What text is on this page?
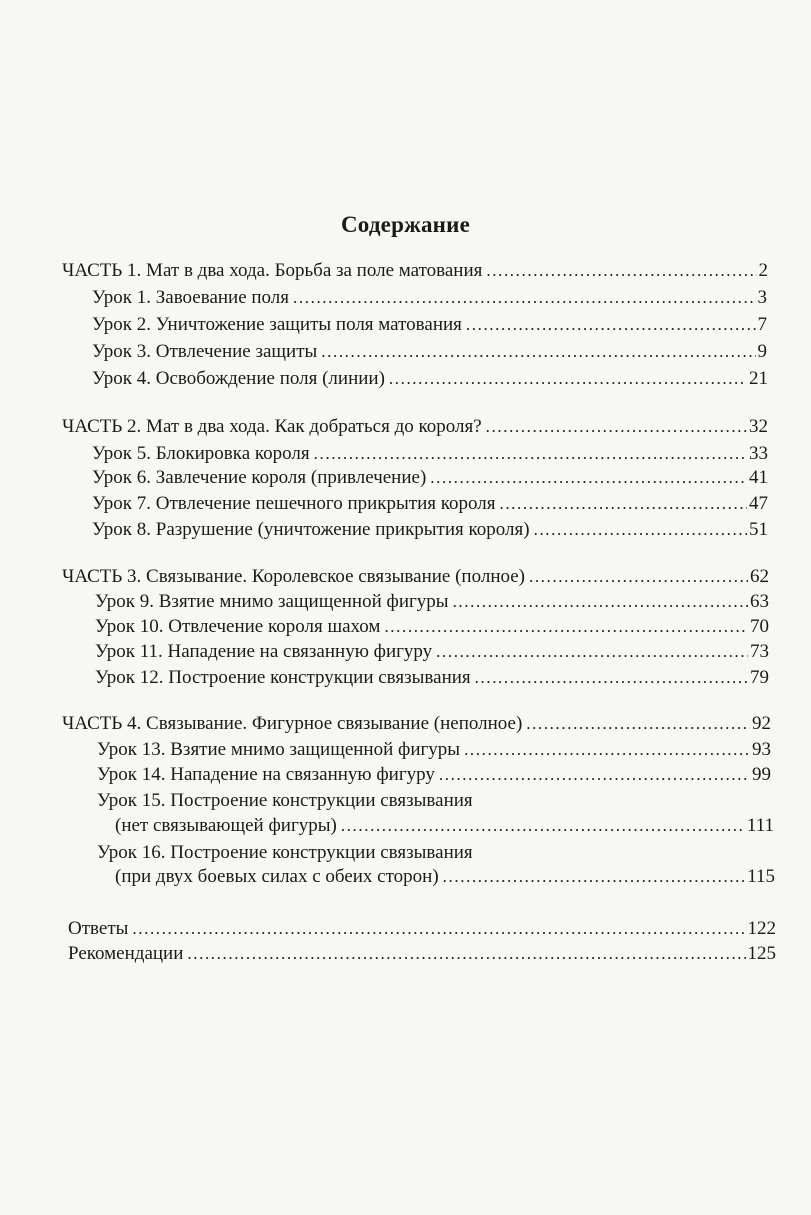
Содержание
ЧАСТЬ 1. Мат в два хода. Борьба за поле матования .....	2
Урок 1. Завоевание поля .....	3
Урок 2. Уничтожение защиты поля матования .....	7
Урок 3. Отвлечение защиты .....	9
Урок 4. Освобождение поля (линии) .....	21
ЧАСТЬ 2. Мат в два хода. Как добраться до короля? .....	32
Урок 5. Блокировка короля .....	33
Урок 6. Завлечение короля (привлечение) .....	41
Урок 7. Отвлечение пешечного прикрытия короля .....	47
Урок 8. Разрушение (уничтожение прикрытия короля) .....	51
ЧАСТЬ 3. Связывание. Королевское связывание (полное) .....	62
Урок 9. Взятие мнимо защищенной фигуры .....	63
Урок 10. Отвлечение короля шахом .....	70
Урок 11. Нападение на связанную фигуру .....	73
Урок 12. Построение конструкции связывания .....	79
ЧАСТЬ 4. Связывание. Фигурное связывание (неполное) .....	92
Урок 13. Взятие мнимо защищенной фигуры .....	93
Урок 14. Нападение на связанную фигуру .....	99
Урок 15. Построение конструкции связывания
(нет связывающей фигуры) .....	111
Урок 16. Построение конструкции связывания
(при двух боевых силах с обеих сторон) .....	115
Ответы .....	122
Рекомендации .....	125
